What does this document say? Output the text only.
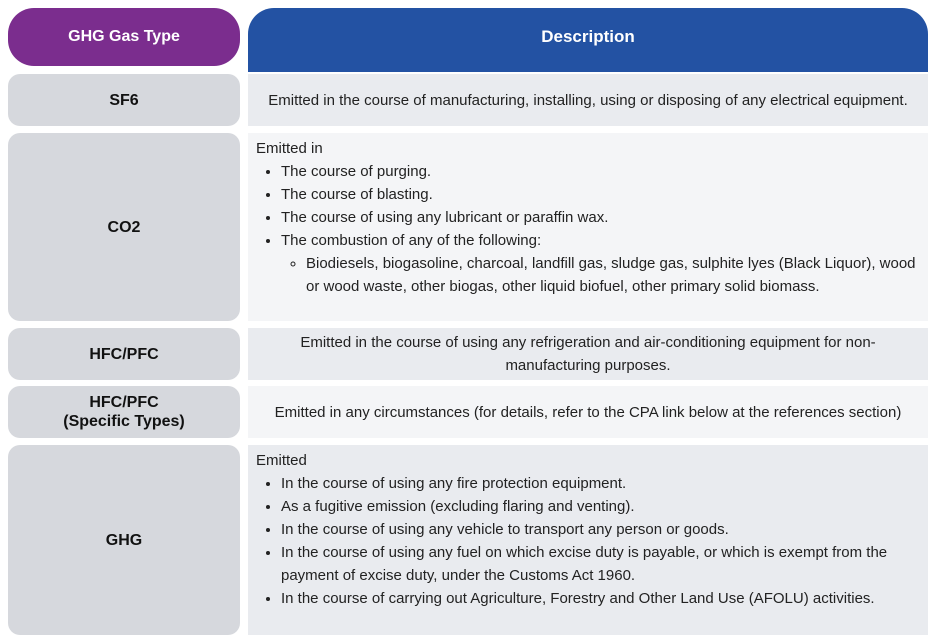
GHG Gas Type	Description
SF6	Emitted in the course of manufacturing, installing, using or disposing of any electrical equipment.
CO2
Emitted in
• The course of purging.
• The course of blasting.
• The course of using any lubricant or paraffin wax.
• The combustion of any of the following:
◦ Biodiesels, biogasoline, charcoal, landfill gas, sludge gas, sulphite lyes (Black Liquor), wood or wood waste, other biogas, other liquid biofuel, other primary solid biomass.
HFC/PFC
Emitted in the course of using any refrigeration and air-conditioning equipment for non-manufacturing purposes.
HFC/PFC
(Specific Types)
Emitted in any circumstances (for details, refer to the CPA link below at the references section)
GHG
Emitted
• In the course of using any fire protection equipment.
• As a fugitive emission (excluding flaring and venting).
• In the course of using any vehicle to transport any person or goods.
• In the course of using any fuel on which excise duty is payable, or which is exempt from the payment of excise duty, under the Customs Act 1960.
• In the course of carrying out Agriculture, Forestry and Other Land Use (AFOLU) activities.
